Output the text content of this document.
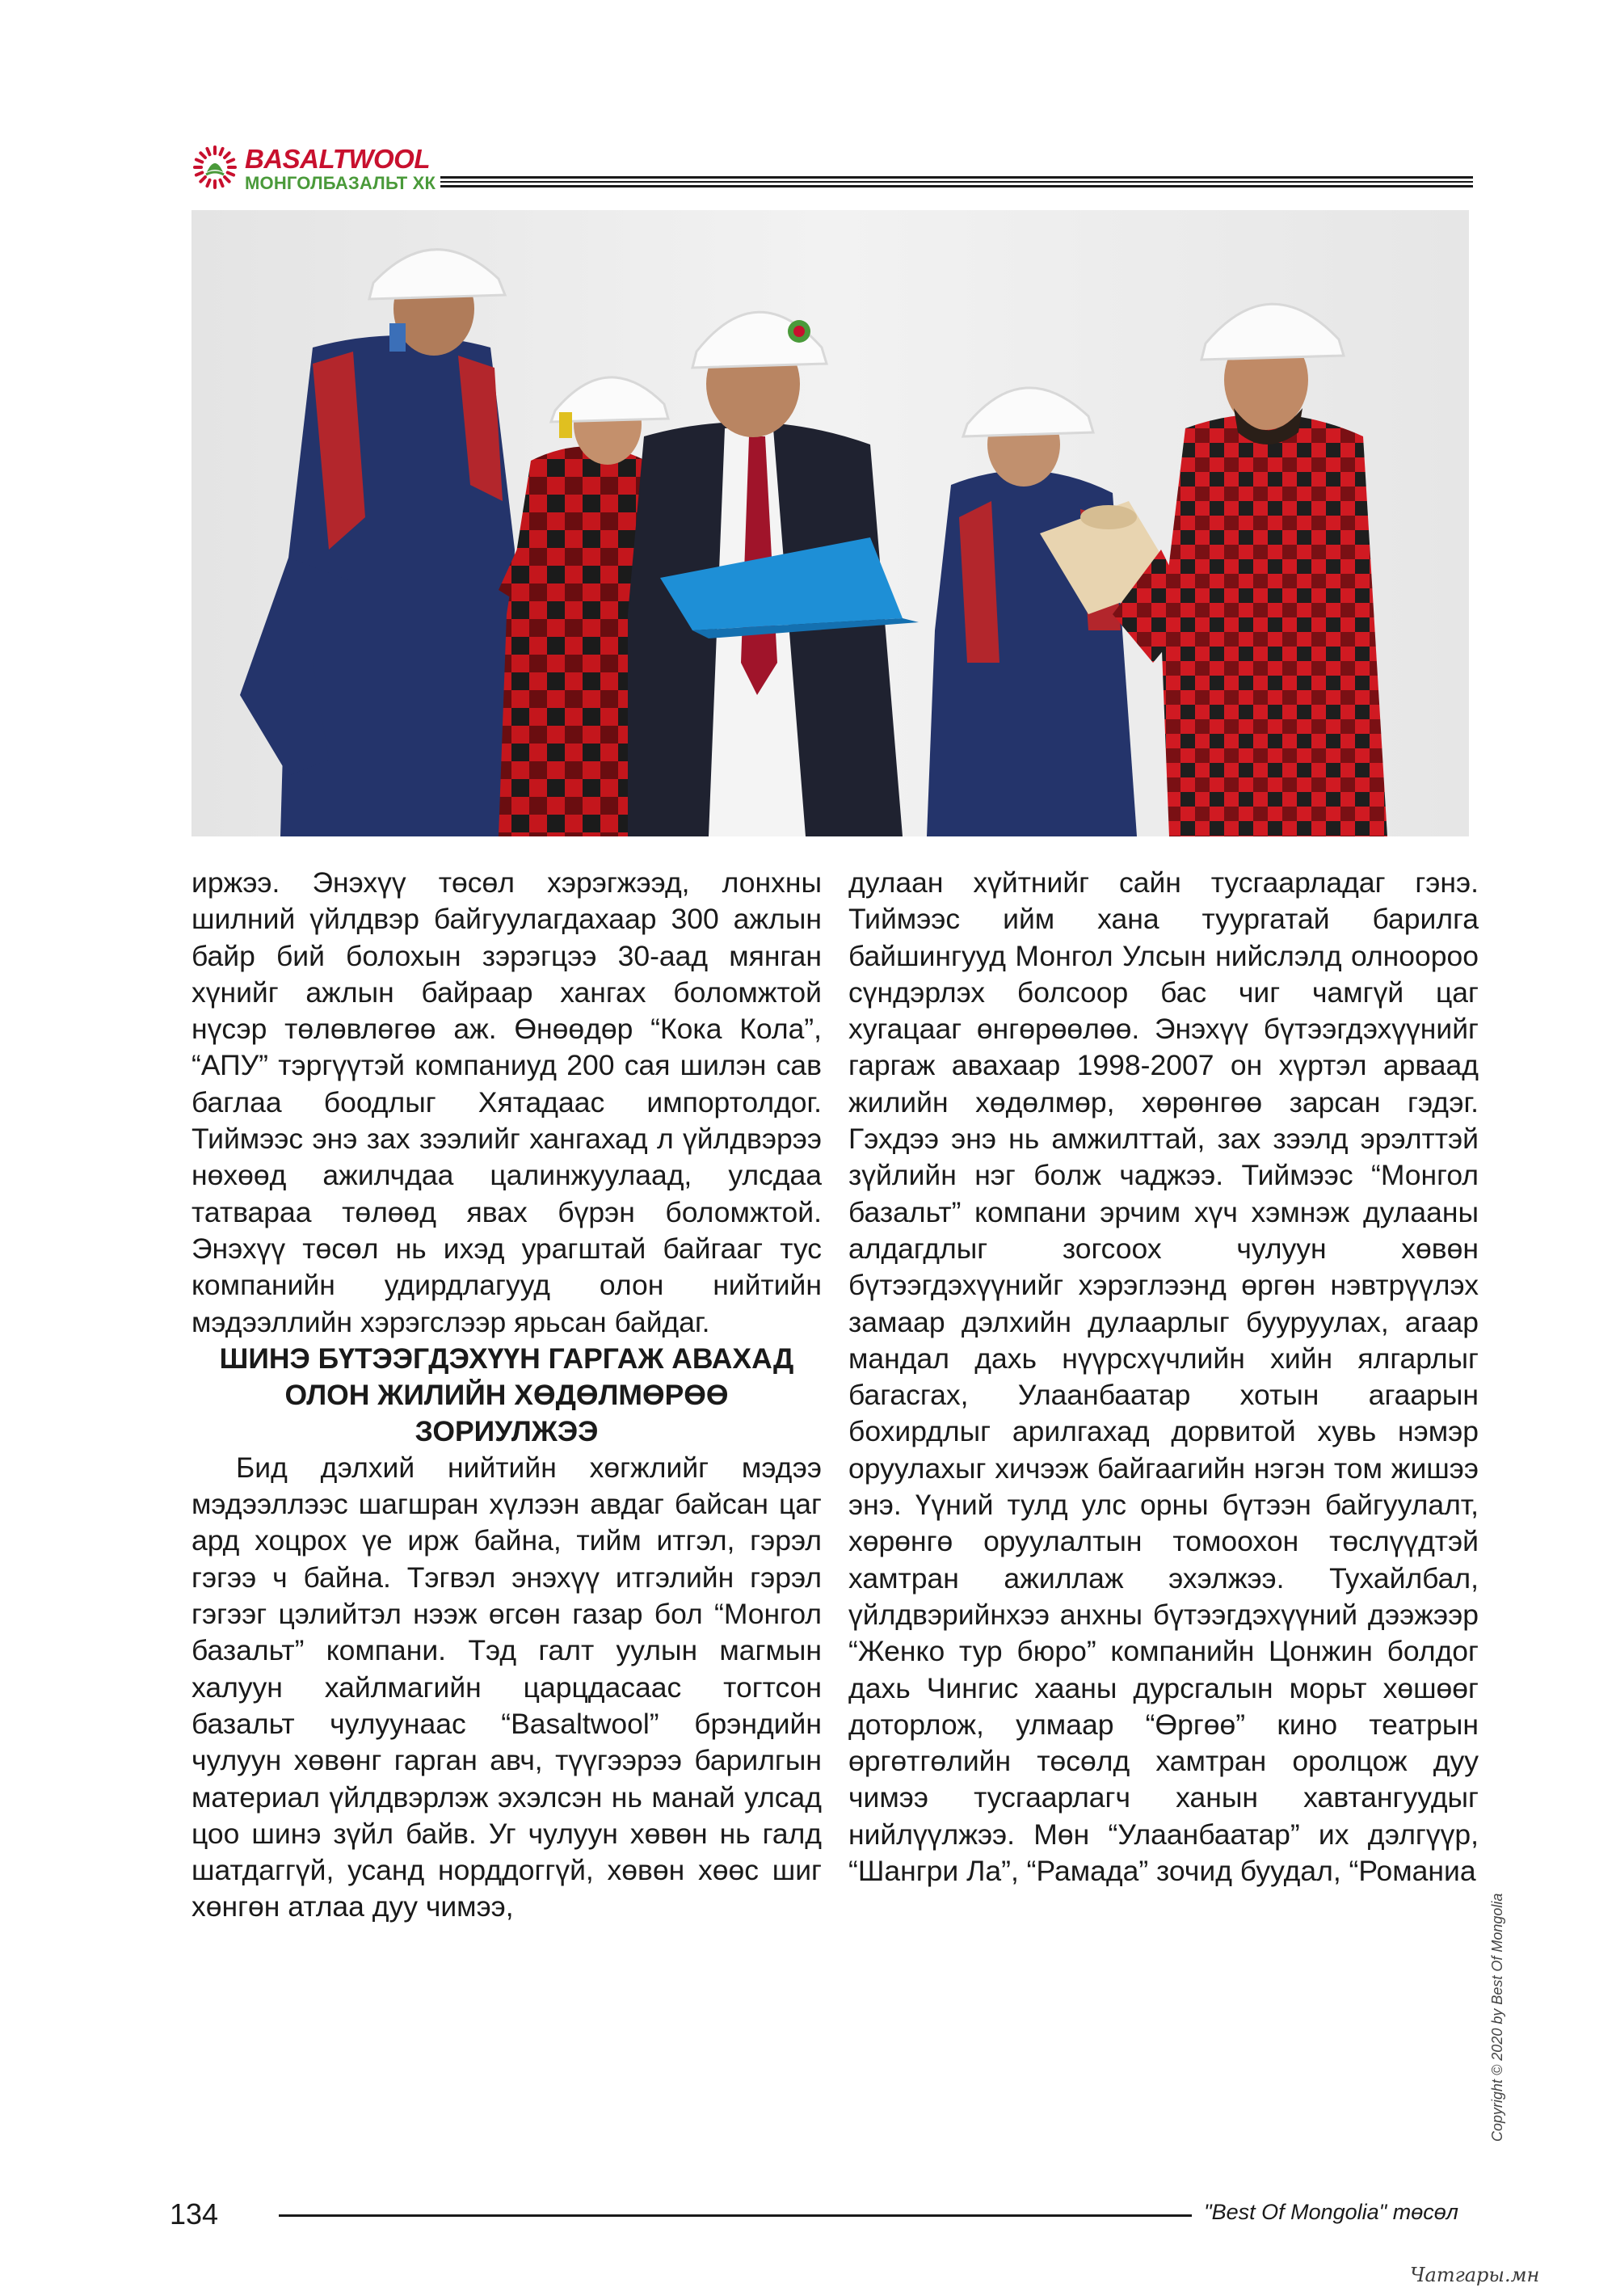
BASALTWOOL
МОНГОЛБАЗАЛЬТ ХК

иржээ. Энэхүү төсөл хэрэгжээд, лонхны шилний үйлдвэр байгуулагдахаар 300 ажлын байр бий болохын зэрэгцээ 30-аад мянган хүнийг ажлын байраар хангах боломжтой нүсэр төлөвлөгөө аж. Өнөөдөр “Кока Кола”, “АПУ” тэргүүтэй компаниуд 200 сая шилэн сав баглаа боодлыг Хятадаас импортолдог. Тиймээс энэ зах зээлийг хангахад л үйлдвэрээ нөхөөд ажилчдаа цалинжуулаад, улсдаа татвараа төлөөд явах бүрэн боломжтой. Энэхүү төсөл нь ихэд урагштай байгааг тус компанийн удирдлагууд олон нийтийн мэдээллийн хэрэгслээр ярьсан байдаг.

ШИНЭ БҮТЭЭГДЭХҮҮН ГАРГАЖ АВАХАД ОЛОН ЖИЛИЙН ХӨДӨЛМӨРӨӨ ЗОРИУЛЖЭЭ

Бид дэлхий нийтийн хөгжлийг мэдээ мэдээллээс шагшран хүлээн авдаг байсан цаг ард хоцрох үе ирж байна, тийм итгэл, гэрэл гэгээ ч байна. Тэгвэл энэхүү итгэлийн гэрэл гэгээг цэлийтэл нээж өгсөн газар бол “Монгол базальт” компани. Тэд галт уулын магмын халуун хайлмагийн царцдасаас тогтсон базальт чулуунаас “Basaltwool” брэндийн чулуун хөвөнг гарган авч, түүгээрээ барилгын материал үйлдвэрлэж эхэлсэн нь манай улсад цоо шинэ зүйл байв. Уг чулуун хөвөн нь галд шатдаггүй, усанд норддоггүй, хөвөн хөөс шиг хөнгөн атлаа дуу чимээ,

дулаан хүйтнийг сайн тусгаарладаг гэнэ. Тиймээс ийм хана туургатай барилга байшингууд Монгол Улсын нийслэлд олноороо сүндэрлэх болсоор бас чиг чамгүй цаг хугацааг өнгөрөөлөө. Энэхүү бүтээгдэхүүнийг гаргаж авахаар 1998-2007 он хүртэл арваад жилийн хөдөлмөр, хөрөнгөө зарсан гэдэг. Гэхдээ энэ нь амжилттай, зах зээлд эрэлттэй зүйлийн нэг болж чаджээ. Тиймээс “Монгол базальт” компани эрчим хүч хэмнэж дулааны алдагдлыг зогсоох чулуун хөвөн бүтээгдэхүүнийг хэрэглээнд өргөн нэвтрүүлэх замаар дэлхийн дулаарлыг бууруулах, агаар мандал дахь нүүрсхүчлийн хийн ялгарлыг багасгах, Улаанбаатар хотын агаарын бохирдлыг арилгахад дорвитой хувь нэмэр оруулахыг хичээж байгаагийн нэгэн том жишээ энэ. Үүний тулд улс орны бүтээн байгуулалт, хөрөнгө оруулалтын томоохон төслүүдтэй хамтран ажиллаж эхэлжээ. Тухайлбал, үйлдвэрийнхээ анхны бүтээгдэхүүний дээжээр “Женко тур бюро” компанийн Цонжин болдог дахь Чингис хааны дурсгалын морьт хөшөөг доторлож, улмаар “Өргөө” кино театрын өргөтгөлийн төсөлд хамтран оролцож дуу чимээ тусгаарлагч ханын хавтангуудыг нийлүүлжээ. Мөн “Улаанбаатар” их дэлгүүр, “Шангри Ла”, “Рамада” зочид буудал, “Романиа

Copyright © 2020 by Best Of Mongolia
134	"Best Of Mongolia" төсөл
Чатгары.мн
